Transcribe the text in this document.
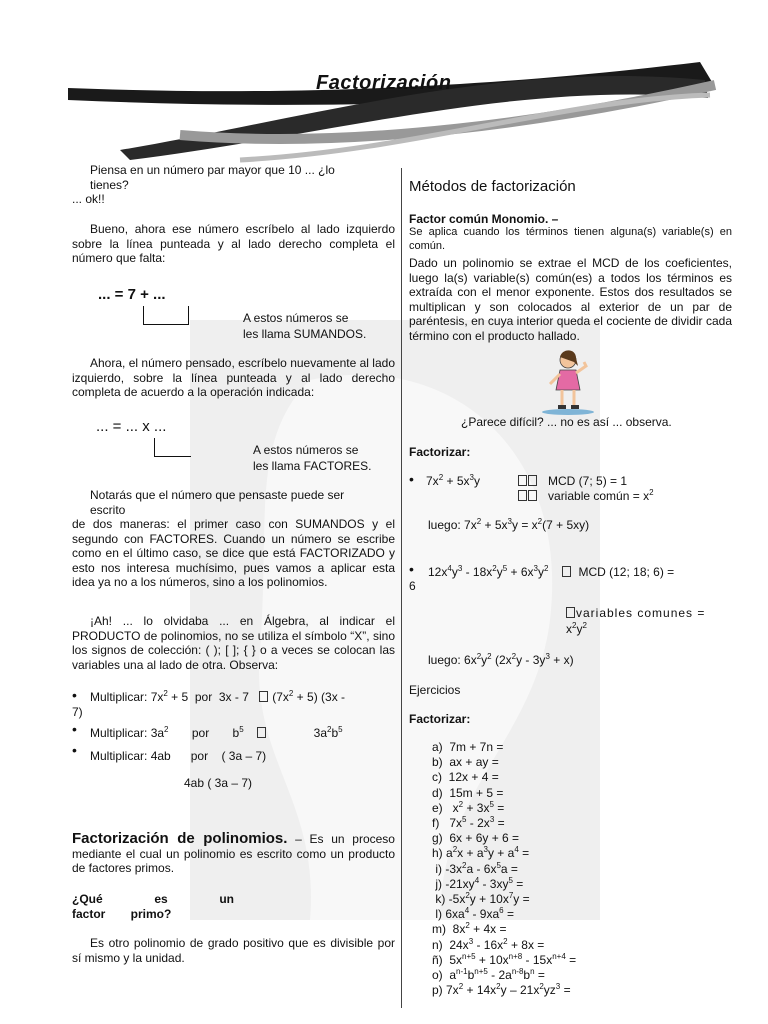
Factorización
Piensa en un número par mayor que 10 ... ¿lo
tienes?
... ok!!
Bueno, ahora ese número escríbelo al lado izquierdo sobre la línea punteada y al lado derecho completa el número que falta:
... = 7 + ...
A estos números se
les llama SUMANDOS.
Ahora, el número pensado, escríbelo nuevamente al lado izquierdo, sobre la línea punteada y al lado derecho completa de acuerdo a la operación indicada:
... = ... x ...
A estos números se
les llama FACTORES.
Notarás que el número que pensaste puede ser
escrito
de dos maneras: el primer caso con SUMANDOS y el segundo con FACTORES. Cuando un número se escribe como en el último caso, se dice que está FACTORIZADO y esto nos interesa muchísimo, pues vamos a aplicar esta idea ya no a los números, sino a los polinomios.
¡Ah! ... lo olvidaba ... en Álgebra, al indicar el PRODUCTO de polinomios, no se utiliza el símbolo “X”, sino los signos de colección: ( ); [ ]; { } o a veces se colocan las variables una al lado de otra. Observa:
• Multiplicar: $7x^2 + 5$  por  3x - 7    $(7x^2 + 5)$ (3x -
7)
• Multiplicar: $3a^2$ por       $b^5$                  $3a^2b^5$
• Multiplicar: 4ab por ( 3a – 7)
4ab ( 3a – 7)
Factorización de polinomios. – Es un proceso mediante el cual un polinomio es escrito como un producto de factores primos.
¿Qué es un factor primo?
Es otro polinomio de grado positivo que es divisible por sí mismo y la unidad.
Métodos de factorización
Factor común Monomio. –
Se aplica cuando los términos tienen alguna(s) variable(s) en común.
Dado un polinomio se extrae el MCD de los coeficientes, luego la(s) variable(s) común(es) a todos los términos es extraída con el menor exponente. Estos dos resultados se multiplican y son colocados al exterior de un par de paréntesis, en cuya interior queda el cociente de dividir cada término con el producto hallado.
¿Parece difícil? ... no es así ... observa.
Factorizar:
• $7x^2 + 5x^3y$	MCD (7; 5) = 1
variable común = $x^2$
luego: $7x^2 + 5x^3y = x^2(7 + 5xy)$
• $12x^4y^3 - 18x^2y^5 + 6x^3y^2$	MCD (12; 18; 6) =
6
variables comunes =
$x^2y^2$
luego: $6x^2y^2$ $(2x^2y - 3y^3 + x)$
Ejercicios
Factorizar:
a)  7m + 7n =
b)  ax + ay =
c)  12x + 4 =
d)  15m + 5 =
e)   $x^2 + 3x^5$ =
f)   $7x^5 - 2x^3$ =
g)  6x + 6y + 6 =
h) $a^2x + a^3y + a^4$ =
i) $-3x^2a - 6x^5a$ =
j) $-21xy^4 - 3xy^5$ =
k) $-5x^2y + 10x^7y$ =
l) $6xa^4 - 9xa^6$ =
m)  $8x^2 + 4x$ =
n)  $24x^3 - 16x^2 + 8x$ =
ñ)  $5x^{n+5} + 10x^{n+8} - 15x^{n+4}$ =
o)  $a^{n-1}b^{n+5} - 2a^{n-8}b^n$ =
p) $7x^2 + 14x^2y - 21x^2yz^3$ =
